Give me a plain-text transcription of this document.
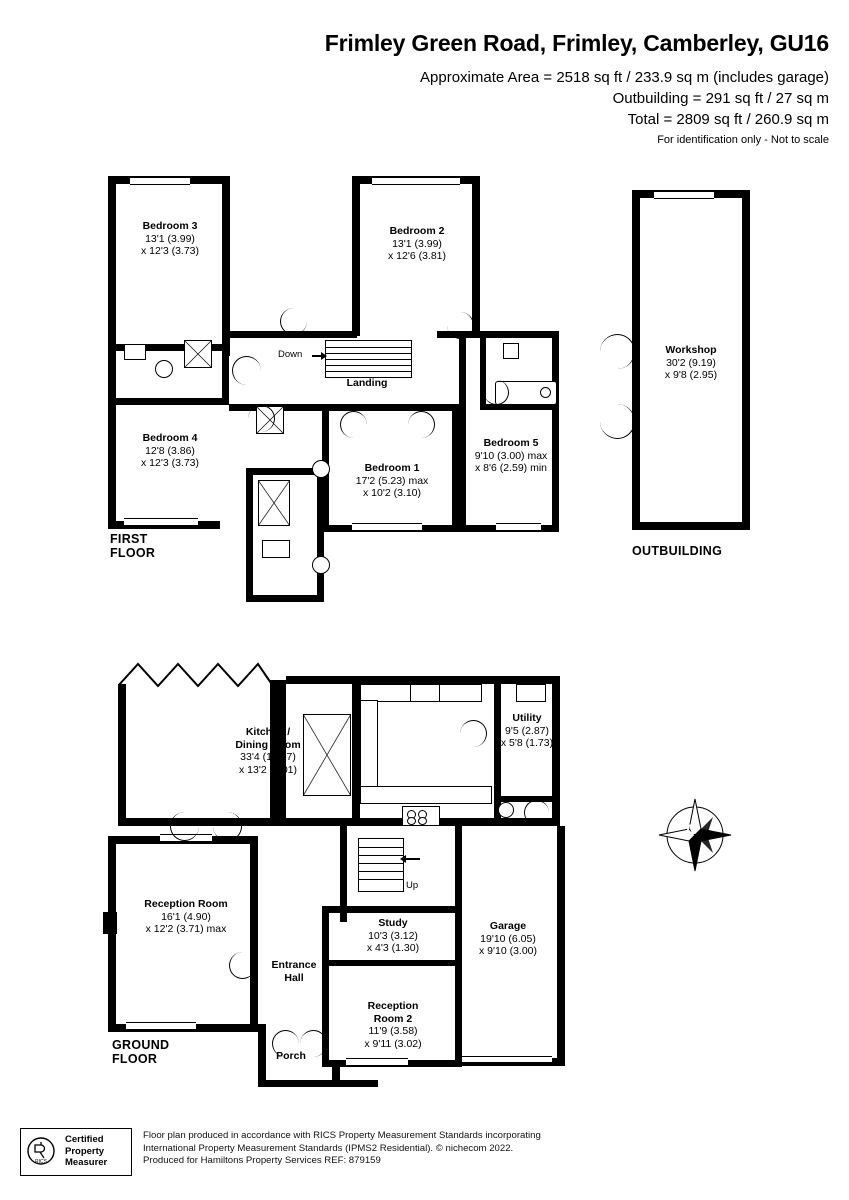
Frimley Green Road, Frimley, Camberley, GU16
Approximate Area = 2518 sq ft / 233.9 sq m (includes garage)
Outbuilding = 291 sq ft / 27 sq m
Total = 2809 sq ft / 260.9 sq m
For identification only - Not to scale
Down
Bedroom 3
13'1 (3.99)
x 12'3 (3.73)
Bedroom 2
13'1 (3.99)
x 12'6 (3.81)
Bedroom 4
12'8 (3.86)
x 12'3 (3.73)	Bedroom 1
17'2 (5.23) max
x 10'2 (3.10)
Bedroom 5
9'10 (3.00) max
x 8'6 (2.59) min
Landing
FIRST FLOOR
Workshop
30'2 (9.19)
x 9'8 (2.95)
OUTBUILDING
Up
Kitchen /
Dining Room
33'4 (10.17)
x 13'2 (4.01)
Utility
9'5 (2.87)
x 5'8 (1.73)
Reception Room
16'1 (4.90)
x 12'2 (3.71) max	Study
10'3 (3.12)
x 4'3 (1.30)
Reception
Room 2
11'9 (3.58)
x 9'11 (3.02)
Garage
19'10 (6.05)
x 9'10 (3.00)
Entrance
Hall
Porch
GROUND FLOOR
N
RICS
Certified
Property
Measurer
Floor plan produced in accordance with RICS Property Measurement Standards incorporating
International Property Measurement Standards (IPMS2 Residential). © nichecom 2022.
Produced for Hamiltons Property Services REF: 879159
